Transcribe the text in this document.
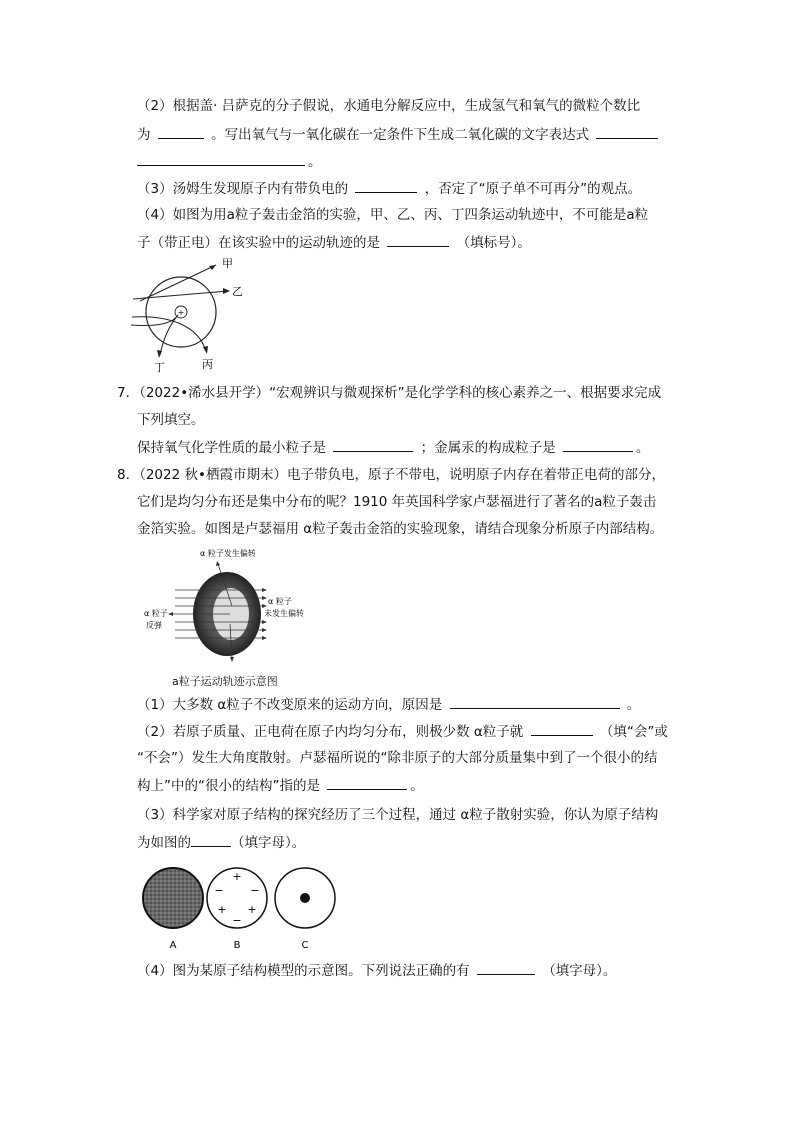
（2）根据盖· 吕萨克的分子假说，水通电分解反应中，生成氢气和氧气的微粒个数比
为	。写出氧气与一氧化碳在一定条件下生成二氧化碳的文字表达式
。
（3）汤姆生发现原子内有带负电的	，否定了“原子单不可再分”的观点。
（4）如图为用a粒子轰击金箔的实验，甲、乙、丙、丁四条运动轨迹中，不可能是a粒
子（带正电）在该实验中的运动轨迹的是	（填标号）。
+
甲
乙
丙
丁
7．（2022•浠水县开学）“宏观辨识与微观探析”是化学学科的核心素养之一、根据要求完成
下列填空。
保持氧气化学性质的最小粒子是	；金属汞的构成粒子是	。
8．（2022 秋•栖霞市期末）电子带负电，原子不带电，说明原子内存在着带正电荷的部分，
它们是均匀分布还是集中分布的呢？1910 年英国科学家卢瑟福进行了著名的a粒子轰击
金箔实验。如图是卢瑟福用 α粒子轰击金箔的实验现象，请结合现象分析原子内部结构。
α 粒子发生偏转
α 粒子
反弹
α 粒子
未发生偏转
a粒子运动轨迹示意图
（1）大多数 α粒子不改变原来的运动方向，原因是	。
（2）若原子质量、正电荷在原子内均匀分布，则极少数 α粒子就	（填“会”或
“不会”）发生大角度散射。卢瑟福所说的“除非原子的大部分质量集中到了一个很小的结
构上”中的“很小的结构”指的是	。
（3）科学家对原子结构的探究经历了三个过程，通过 α粒子散射实验，你认为原子结构
为如图的	（填字母）。
+
−
− −
+ +
A	B	C
（4）图为某原子结构模型的示意图。下列说法正确的有	（填字母）。
